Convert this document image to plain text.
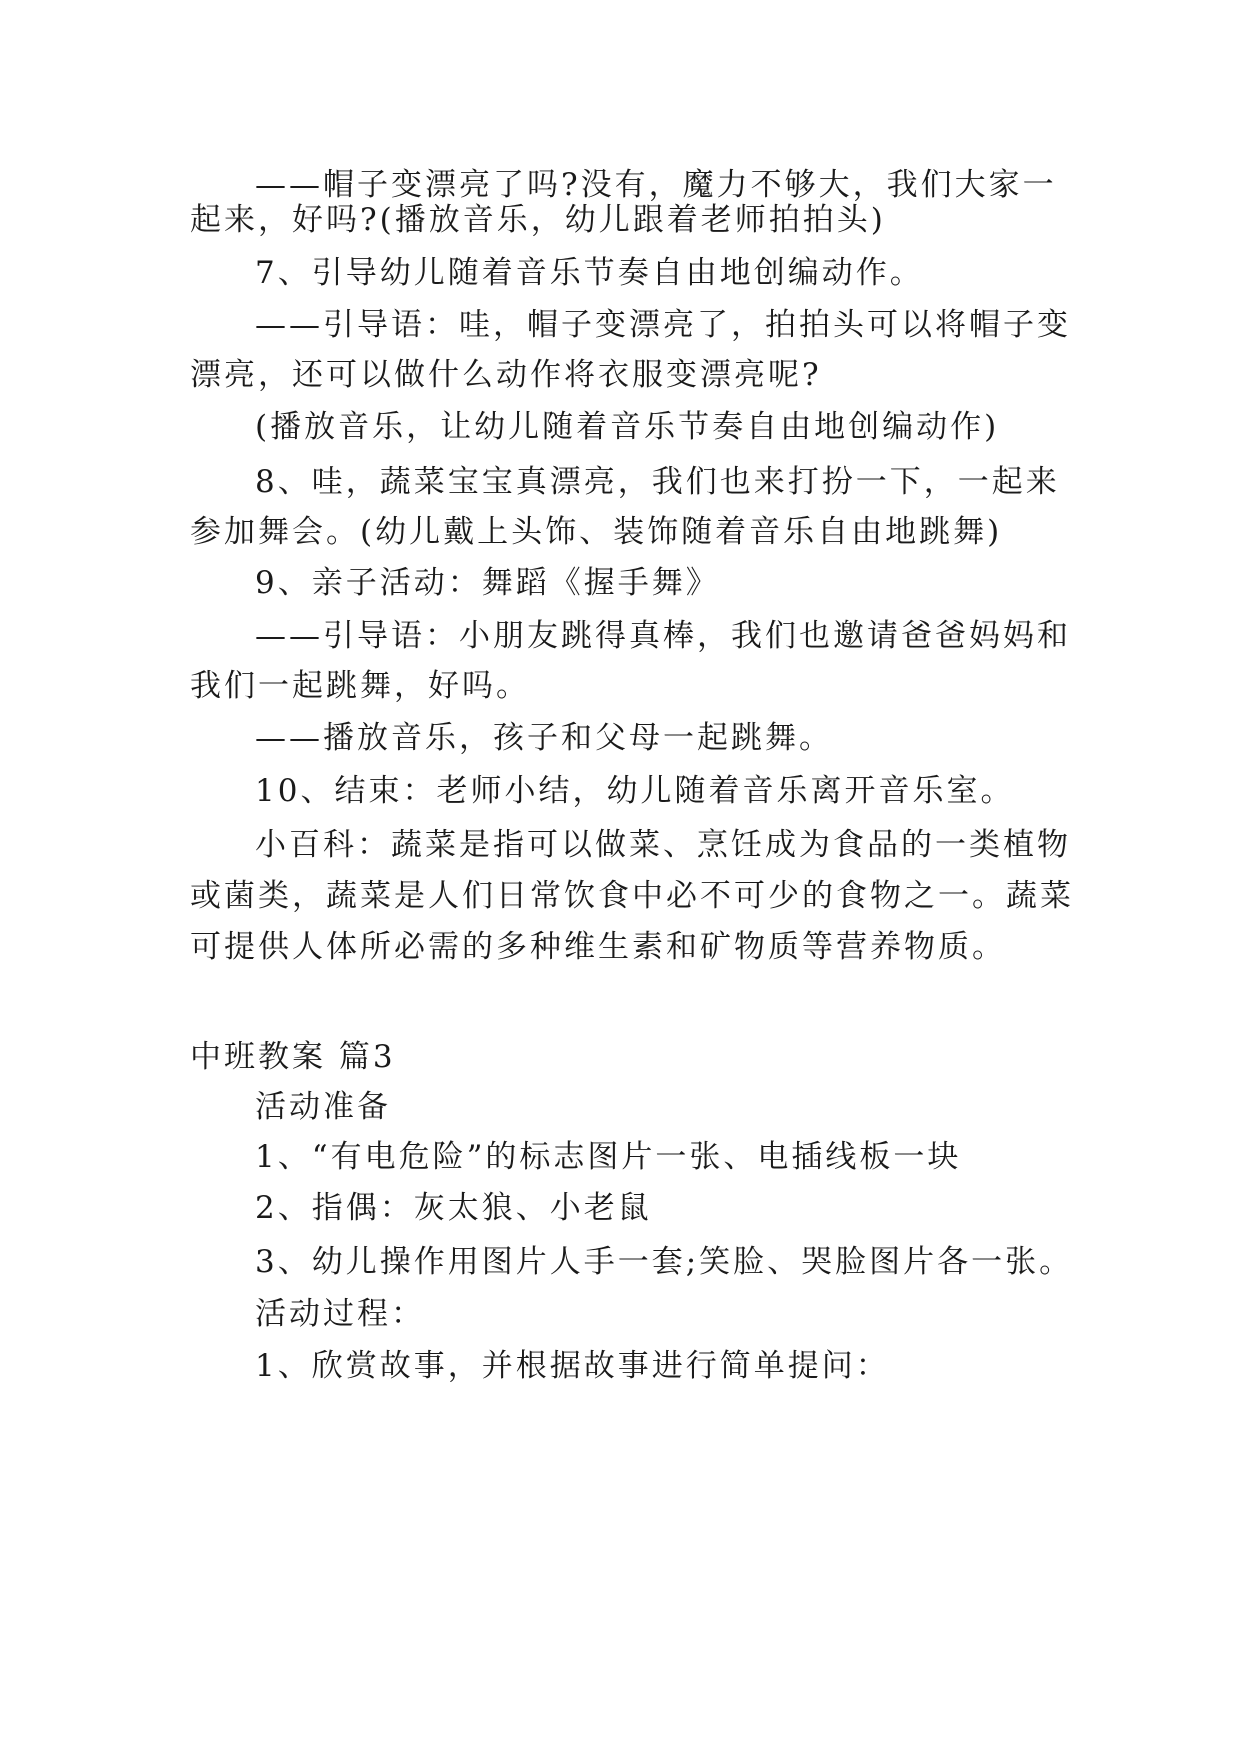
——帽子变漂亮了吗?没有，魔力不够大，我们大家一
起来，好吗?(播放音乐，幼儿跟着老师拍拍头)
7、引导幼儿随着音乐节奏自由地创编动作。
——引导语：哇，帽子变漂亮了，拍拍头可以将帽子变
漂亮，还可以做什么动作将衣服变漂亮呢?
(播放音乐，让幼儿随着音乐节奏自由地创编动作)
8、哇，蔬菜宝宝真漂亮，我们也来打扮一下，一起来
参加舞会。(幼儿戴上头饰、装饰随着音乐自由地跳舞)
9、亲子活动：舞蹈《握手舞》
——引导语：小朋友跳得真棒，我们也邀请爸爸妈妈和
我们一起跳舞，好吗。
——播放音乐，孩子和父母一起跳舞。
10、结束：老师小结，幼儿随着音乐离开音乐室。
小百科：蔬菜是指可以做菜、烹饪成为食品的一类植物
或菌类，蔬菜是人们日常饮食中必不可少的食物之一。蔬菜
可提供人体所必需的多种维生素和矿物质等营养物质。
中班教案 篇3
活动准备
1、“有电危险”的标志图片一张、电插线板一块
2、指偶：灰太狼、小老鼠
3、幼儿操作用图片人手一套;笑脸、哭脸图片各一张。
活动过程：
1、欣赏故事，并根据故事进行简单提问：
